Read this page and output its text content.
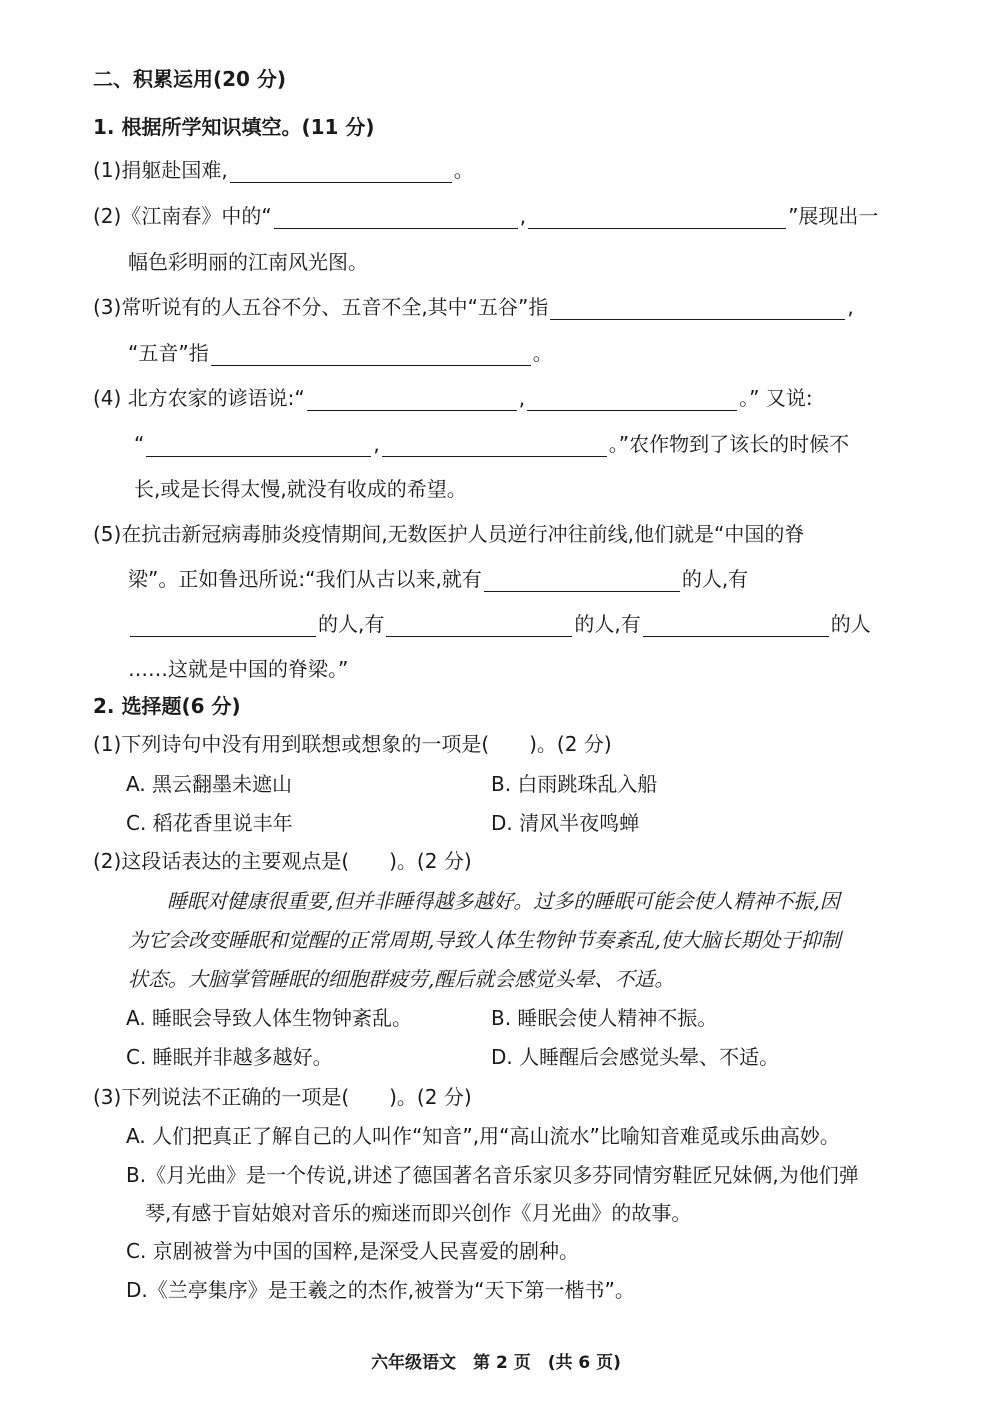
二、积累运用(20 分)
1. 根据所学知识填空。(11 分)
(1)捐躯赴国难,	。
(2)《江南春》中的“	,	”展现出一
幅色彩明丽的江南风光图。
(3)常听说有的人五谷不分、五音不全,其中“五谷”指	,
“五音”指	。
(4) 北方农家的谚语说:“	,	。” 又说:
“	,	。”农作物到了该长的时候不
长,或是长得太慢,就没有收成的希望。
(5)在抗击新冠病毒肺炎疫情期间,无数医护人员逆行冲往前线,他们就是“中国的脊
梁”。正如鲁迅所说:“我们从古以来,就有	的人,有
的人,有	的人,有	的人
……这就是中国的脊梁。”
2. 选择题(6 分)
(1)下列诗句中没有用到联想或想象的一项是(　　)。(2 分)
A. 黑云翻墨未遮山	B. 白雨跳珠乱入船
C. 稻花香里说丰年	D. 清风半夜鸣蝉
(2)这段话表达的主要观点是(　　)。(2 分)
睡眠对健康很重要,但并非睡得越多越好。过多的睡眠可能会使人精神不振,因
为它会改变睡眠和觉醒的正常周期,导致人体生物钟节奏紊乱,使大脑长期处于抑制
状态。大脑掌管睡眠的细胞群疲劳,醒后就会感觉头晕、不适。
A. 睡眠会导致人体生物钟紊乱。	B. 睡眠会使人精神不振。
C. 睡眠并非越多越好。	D. 人睡醒后会感觉头晕、不适。
(3)下列说法不正确的一项是(　　)。(2 分)
A. 人们把真正了解自己的人叫作“知音”,用“高山流水”比喻知音难觅或乐曲高妙。
B.《月光曲》是一个传说,讲述了德国著名音乐家贝多芬同情穷鞋匠兄妹俩,为他们弹
琴,有感于盲姑娘对音乐的痴迷而即兴创作《月光曲》的故事。
C. 京剧被誉为中国的国粹,是深受人民喜爱的剧种。
D.《兰亭集序》是王羲之的杰作,被誉为“天下第一楷书”。
六年级语文　第 2 页　(共 6 页)
